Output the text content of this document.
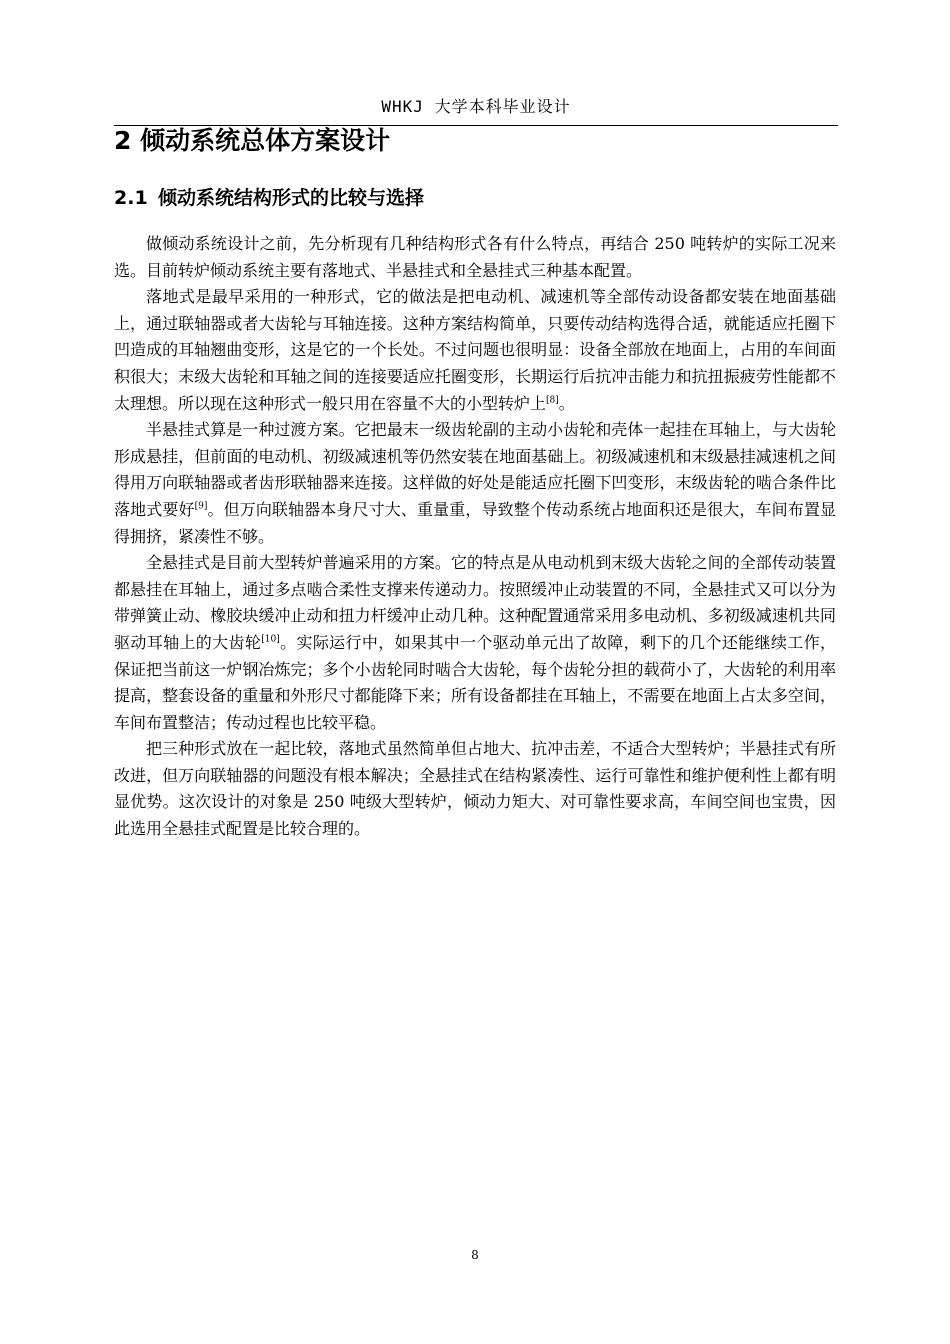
WHKJ 大学本科毕业设计
2 倾动系统总体方案设计
2.1 倾动系统结构形式的比较与选择

做倾动系统设计之前，先分析现有几种结构形式各有什么特点，再结合 250 吨转炉的实际工况来选。目前转炉倾动系统主要有落地式、半悬挂式和全悬挂式三种基本配置。

落地式是最早采用的一种形式，它的做法是把电动机、减速机等全部传动设备都安装在地面基础上，通过联轴器或者大齿轮与耳轴连接。这种方案结构简单，只要传动结构选得合适，就能适应托圈下凹造成的耳轴翘曲变形，这是它的一个长处。不过问题也很明显：设备全部放在地面上，占用的车间面积很大；末级大齿轮和耳轴之间的连接要适应托圈变形，长期运行后抗冲击能力和抗扭振疲劳性能都不太理想。所以现在这种形式一般只用在容量不大的小型转炉上[8]。

半悬挂式算是一种过渡方案。它把最末一级齿轮副的主动小齿轮和壳体一起挂在耳轴上，与大齿轮形成悬挂，但前面的电动机、初级减速机等仍然安装在地面基础上。初级减速机和末级悬挂减速机之间得用万向联轴器或者齿形联轴器来连接。这样做的好处是能适应托圈下凹变形，末级齿轮的啮合条件比落地式要好[9]。但万向联轴器本身尺寸大、重量重，导致整个传动系统占地面积还是很大，车间布置显得拥挤，紧凑性不够。

全悬挂式是目前大型转炉普遍采用的方案。它的特点是从电动机到末级大齿轮之间的全部传动装置都悬挂在耳轴上，通过多点啮合柔性支撑来传递动力。按照缓冲止动装置的不同，全悬挂式又可以分为带弹簧止动、橡胶块缓冲止动和扭力杆缓冲止动几种。这种配置通常采用多电动机、多初级减速机共同驱动耳轴上的大齿轮[10]。实际运行中，如果其中一个驱动单元出了故障，剩下的几个还能继续工作，保证把当前这一炉钢冶炼完；多个小齿轮同时啮合大齿轮，每个齿轮分担的载荷小了，大齿轮的利用率提高，整套设备的重量和外形尺寸都能降下来；所有设备都挂在耳轴上，不需要在地面上占太多空间，车间布置整洁；传动过程也比较平稳。

把三种形式放在一起比较，落地式虽然简单但占地大、抗冲击差，不适合大型转炉；半悬挂式有所改进，但万向联轴器的问题没有根本解决；全悬挂式在结构紧凑性、运行可靠性和维护便利性上都有明显优势。这次设计的对象是 250 吨级大型转炉，倾动力矩大、对可靠性要求高，车间空间也宝贵，因此选用全悬挂式配置是比较合理的。

8
